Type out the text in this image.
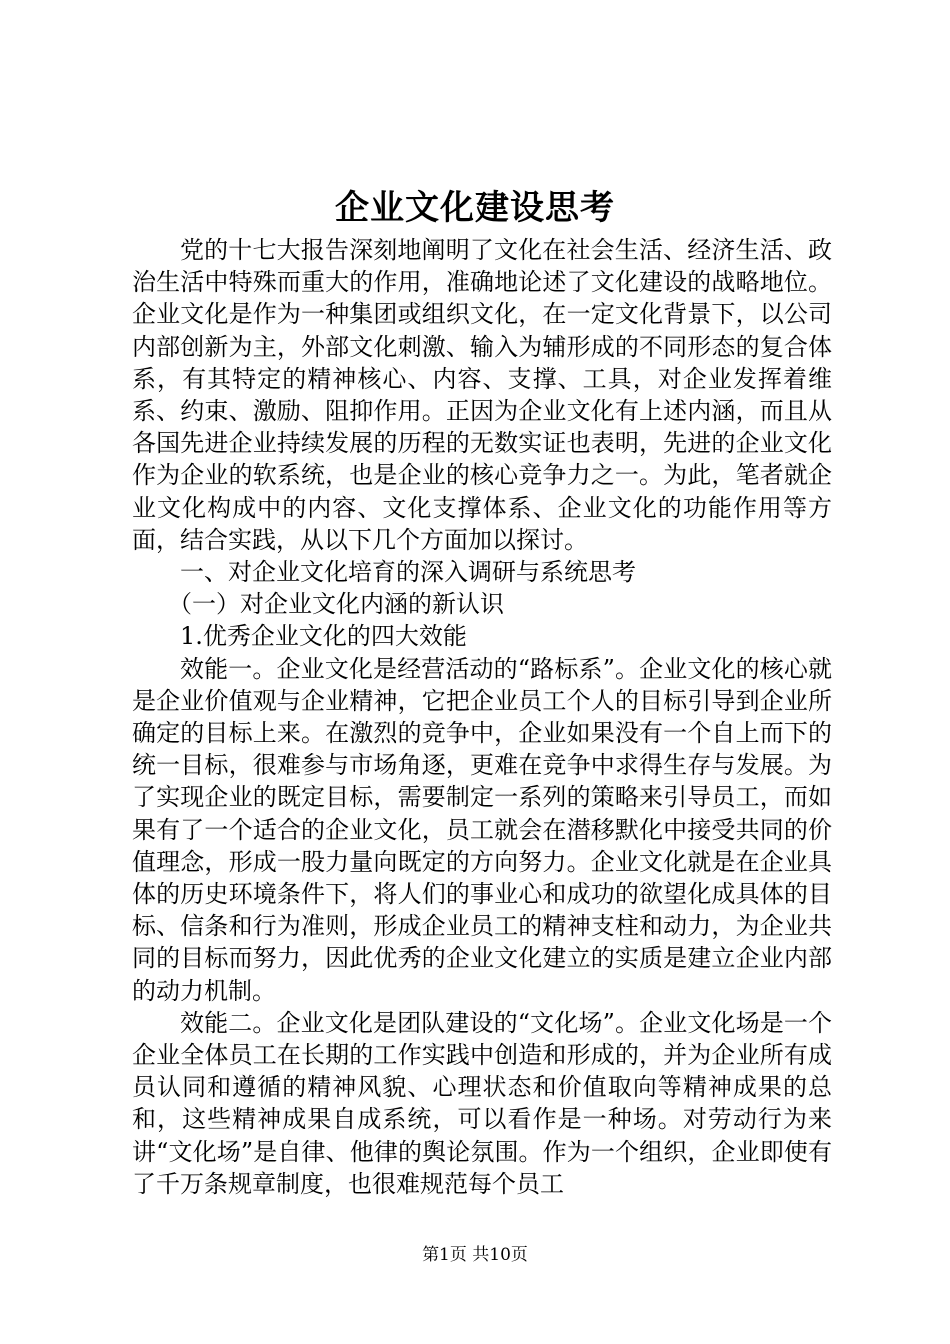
企业文化建设思考

党的十七大报告深刻地阐明了文化在社会生活、经济生活、政治生活中特殊而重大的作用，准确地论述了文化建设的战略地位。企业文化是作为一种集团或组织文化，在一定文化背景下，以公司内部创新为主，外部文化刺激、输入为辅形成的不同形态的复合体系，有其特定的精神核心、内容、支撑、工具，对企业发挥着维系、约束、激励、阻抑作用。正因为企业文化有上述内涵，而且从各国先进企业持续发展的历程的无数实证也表明，先进的企业文化作为企业的软系统，也是企业的核心竞争力之一。为此，笔者就企业文化构成中的内容、文化支撑体系、企业文化的功能作用等方面，结合实践，从以下几个方面加以探讨。

一、对企业文化培育的深入调研与系统思考

（一）对企业文化内涵的新认识

1.优秀企业文化的四大效能

效能一。企业文化是经营活动的“路标系”。企业文化的核心就是企业价值观与企业精神，它把企业员工个人的目标引导到企业所确定的目标上来。在激烈的竞争中，企业如果没有一个自上而下的统一目标，很难参与市场角逐，更难在竞争中求得生存与发展。为了实现企业的既定目标，需要制定一系列的策略来引导员工，而如果有了一个适合的企业文化，员工就会在潜移默化中接受共同的价值理念，形成一股力量向既定的方向努力。企业文化就是在企业具体的历史环境条件下，将人们的事业心和成功的欲望化成具体的目标、信条和行为准则，形成企业员工的精神支柱和动力，为企业共同的目标而努力，因此优秀的企业文化建立的实质是建立企业内部的动力机制。

效能二。企业文化是团队建设的“文化场”。企业文化场是一个企业全体员工在长期的工作实践中创造和形成的，并为企业所有成员认同和遵循的精神风貌、心理状态和价值取向等精神成果的总和，这些精神成果自成系统，可以看作是一种场。对劳动行为来讲“文化场”是自律、他律的舆论氛围。作为一个组织，企业即使有了千万条规章制度，也很难规范每个员工

第1页 共10页
